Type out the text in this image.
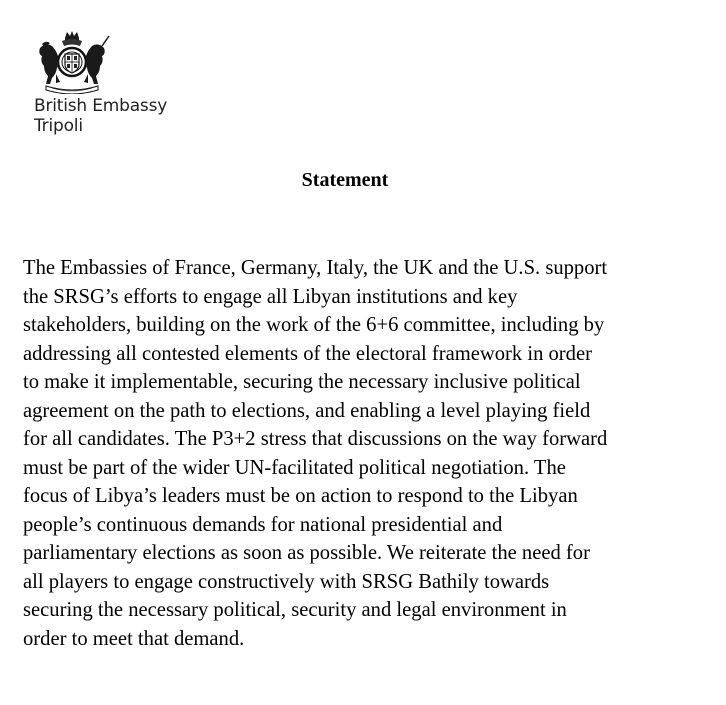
British Embassy
Tripoli
Statement
The Embassies of France, Germany, Italy, the UK and the U.S. support
the SRSG’s efforts to engage all Libyan institutions and key
stakeholders, building on the work of the 6+6 committee, including by
addressing all contested elements of the electoral framework in order
to make it implementable, securing the necessary inclusive political
agreement on the path to elections, and enabling a level playing field
for all candidates. The P3+2 stress that discussions on the way forward
must be part of the wider UN-facilitated political negotiation. The
focus of Libya’s leaders must be on action to respond to the Libyan
people’s continuous demands for national presidential and
parliamentary elections as soon as possible. We reiterate the need for
all players to engage constructively with SRSG Bathily towards
securing the necessary political, security and legal environment in
order to meet that demand.
